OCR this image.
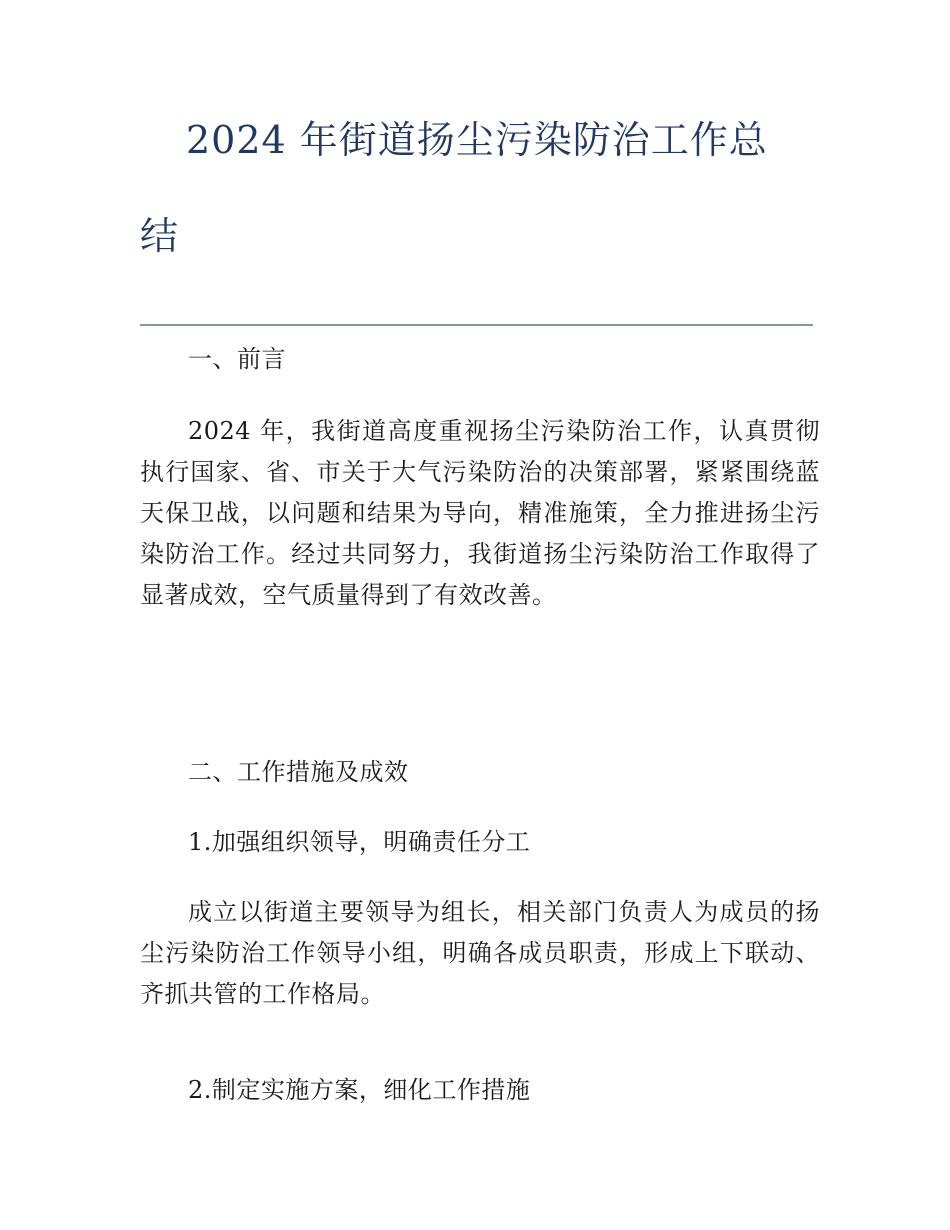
2024 年街道扬尘污染防治工作总
结

一、前言

2024 年，我街道高度重视扬尘污染防治工作，认真贯彻执行国家、省、市关于大气污染防治的决策部署，紧紧围绕蓝天保卫战，以问题和结果为导向，精准施策，全力推进扬尘污染防治工作。经过共同努力，我街道扬尘污染防治工作取得了显著成效，空气质量得到了有效改善。

二、工作措施及成效

1.加强组织领导，明确责任分工

成立以街道主要领导为组长，相关部门负责人为成员的扬尘污染防治工作领导小组，明确各成员职责，形成上下联动、齐抓共管的工作格局。

2.制定实施方案，细化工作措施
